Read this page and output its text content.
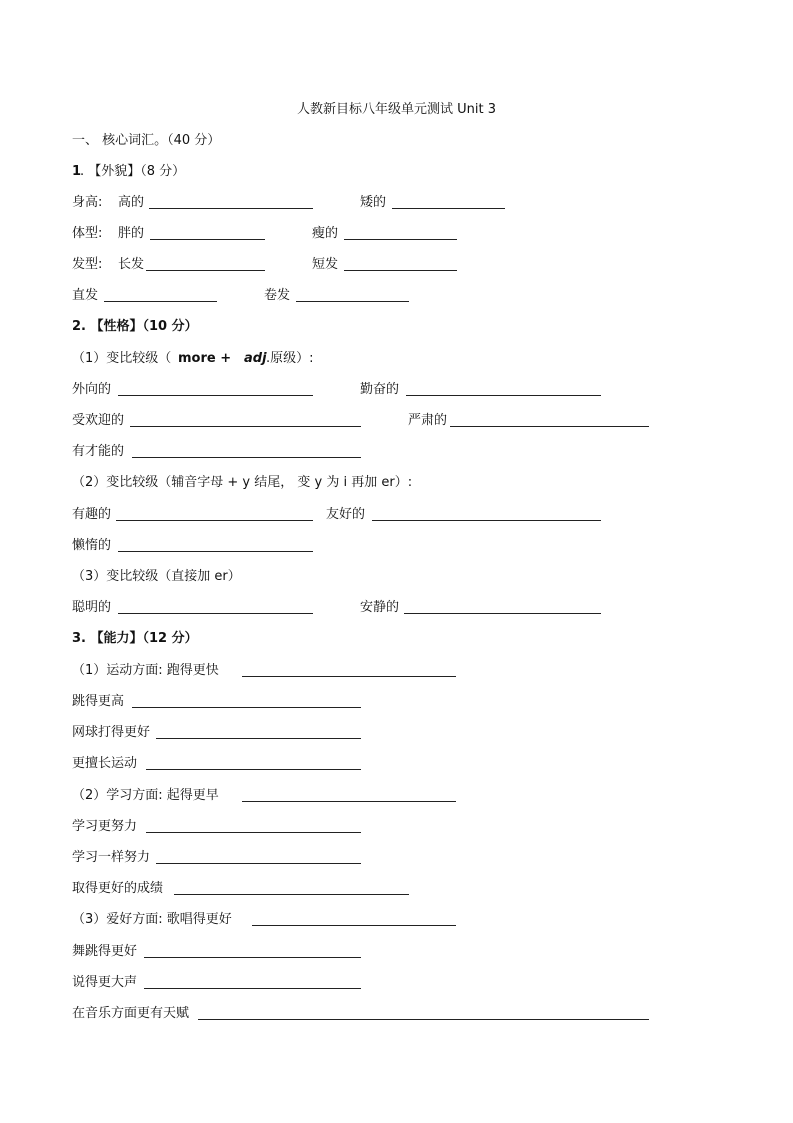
人教新目标八年级单元测试 Unit 3
一、 核心词汇。（40 分）
1
. 【外貌】（8 分）
身高: 高的	矮的
体型: 胖的	瘦的
发型: 长发	短发
直发	卷发
2. 【性格】（10 分）
（1）变比较级（ more + adj .原级）:
外向的	勤奋的
受欢迎的	严肃的
有才能的
（2）变比较级（辅音字母 + y 结尾， 变 y 为 i 再加 er）:
有趣的	友好的
懒惰的
（3）变比较级（直接加 er）
聪明的	安静的
3. 【能力】（12 分）
（1）运动方面: 跑得更快
跳得更高
网球打得更好
更擅长运动
（2）学习方面: 起得更早
学习更努力
学习一样努力
取得更好的成绩
（3）爱好方面: 歌唱得更好
舞跳得更好
说得更大声
在音乐方面更有天赋
